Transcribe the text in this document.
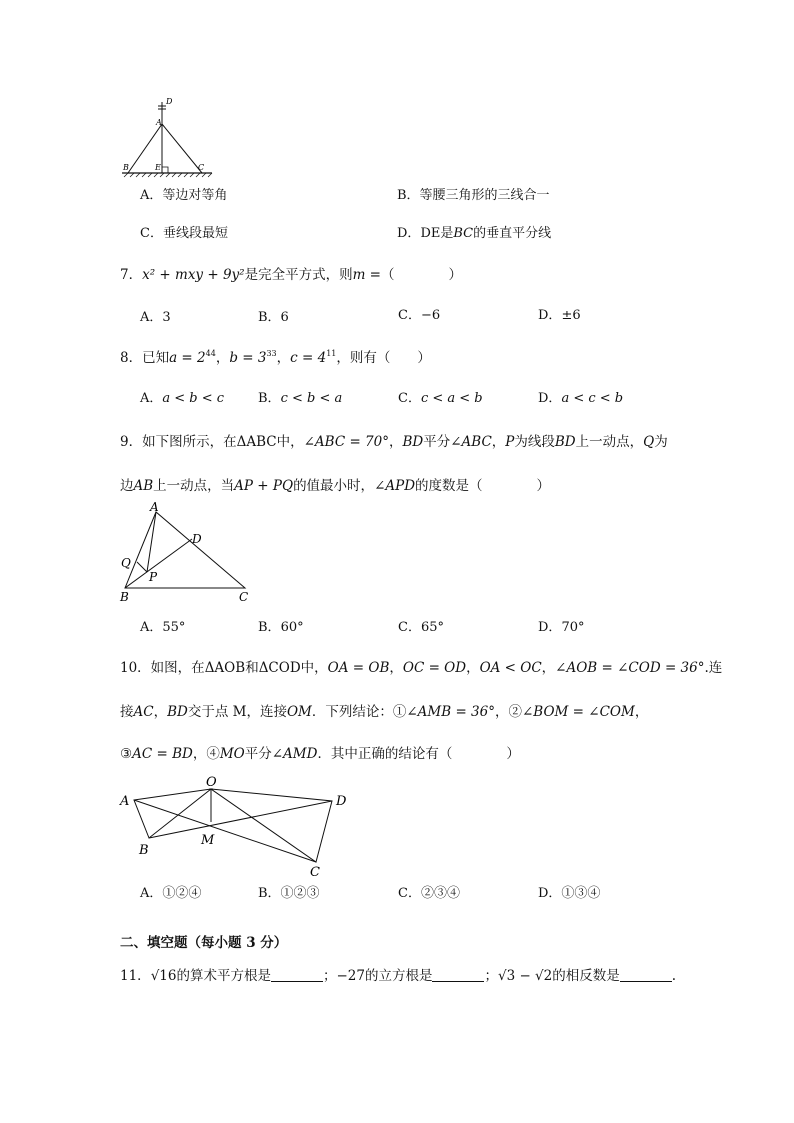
D
A
B	E	C
A．等边对等角	B．等腰三角形的三线合一
C．垂线段最短	D．DE是BC的垂直平分线
7．x² + mxy + 9y²是完全平方式，则m =（　　　　）
A．3	B．6	C．−6	D．±6
8．已知$a = 2^{44}$，$b = 3^{33}$，$c = 4^{11}$，则有（　　）
A．a < b < c	B．c < b < a	C．c < a < b	D．a < c < b
9．如下图所示，在ΔABC中，∠ABC = 70°，BD平分∠ABC，P为线段BD上一动点，Q为
边AB上一动点，当AP + PQ的值最小时，∠APD的度数是（　　　　）
A
D
Q
P
B	C
A．55°	B．60°	C．65°	D．70°
10．如图，在ΔAOB和ΔCOD中，OA = OB，OC = OD，OA < OC，∠AOB = ∠COD = 36°.连
接AC，BD交于点 M，连接OM．下列结论：①∠AMB = 36°，②∠BOM = ∠COM，
③AC = BD，④MO平分∠AMD．其中正确的结论有（　　　　）
O
A	D
M
B
C
A．①②④	B．①②③	C．②③④	D．①③④
二、填空题（每小题 3 分）
11．√16的算术平方根是	；−27的立方根是	；√3 − √2的相反数是	.
